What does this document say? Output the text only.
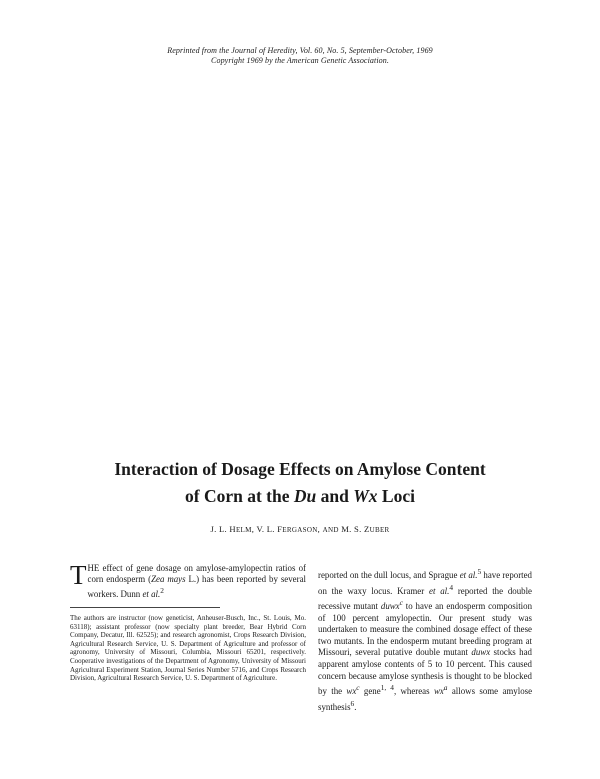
Reprinted from the Journal of Heredity, Vol. 60, No. 5, September-October, 1969
Copyright 1969 by the American Genetic Association.
Interaction of Dosage Effects on Amylose Content
of Corn at the Du and Wx Loci
J. L. HELM, V. L. FERGASON, AND M. S. ZUBER

THE effect of gene dosage on amylose-amylopectin ratios of corn endosperm (Zea mays L.) has been reported by several workers. Dunn et al.$^2$

The authors are instructor (now geneticist, Anheuser-Busch, Inc., St. Louis, Mo. 63118); assistant professor (now specialty plant breeder, Bear Hybrid Corn Company, Decatur, Ill. 62525); and research agronomist, Crops Research Division, Agricultural Research Service, U. S. Department of Agriculture and professor of agronomy, University of Missouri, Columbia, Missouri 65201, respectively. Cooperative investigations of the Department of Agronomy, University of Missouri Agricultural Experiment Station, Journal Series Number 5716, and Crops Research Division, Agricultural Research Service, U. S. Department of Agriculture.

reported on the dull locus, and Sprague et al.$^5$ have reported on the waxy locus. Kramer et al.$^4$ reported the double recessive mutant duwx$^c$ to have an endosperm composition of 100 percent amylopectin. Our present study was undertaken to measure the combined dosage effect of these two mutants. In the endosperm mutant breeding program at Missouri, several putative double mutant duwx stocks had apparent amylose contents of 5 to 10 percent. This caused concern because amylose synthesis is thought to be blocked by the $wx^c$ gene$^{1, 4}$, whereas $wx^a$ allows some amylose synthesis$^6$.
